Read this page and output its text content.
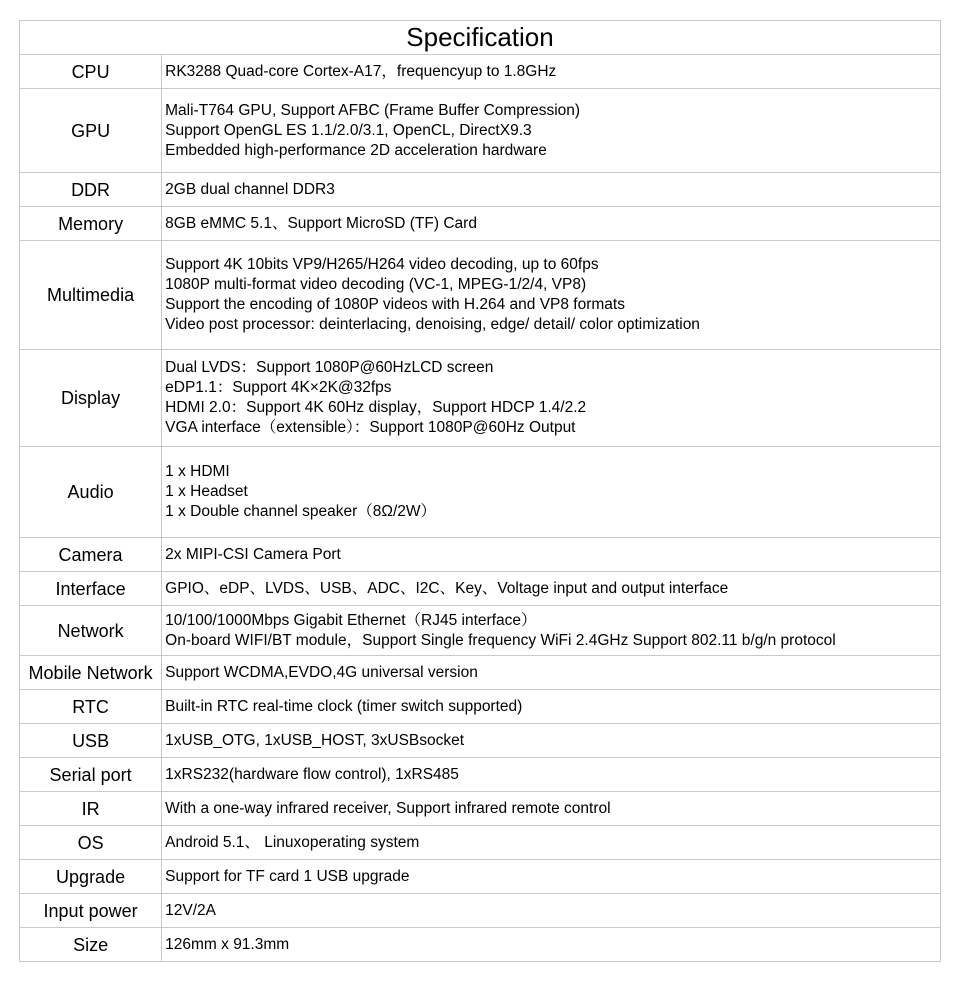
Specification	
CPU	RK3288 Quad-core Cortex-A17，frequencyup to 1.8GHz

GPU	Mali-T764 GPU, Support AFBC (Frame Buffer Compression)
Support OpenGL ES 1.1/2.0/3.1, OpenCL, DirectX9.3
Embedded high-performance 2D acceleration hardware

DDR	2GB dual channel DDR3

Memory	8GB eMMC 5.1、Support MicroSD (TF) Card

Multimedia	Support 4K 10bits VP9/H265/H264 video decoding, up to 60fps
1080P multi-format video decoding (VC-1, MPEG-1/2/4, VP8)
Support the encoding of 1080P videos with H.264 and VP8 formats
Video post processor: deinterlacing, denoising, edge/ detail/ color optimization

Display	Dual LVDS：Support 1080P@60HzLCD screen
eDP1.1：Support 4K×2K@32fps
HDMI 2.0：Support 4K 60Hz display，Support HDCP 1.4/2.2
VGA interface（extensible）：Support 1080P@60Hz Output

Audio	1 x HDMI
1 x Headset
1 x Double channel speaker（8Ω/2W）

Camera	2x MIPI-CSI Camera Port

Interface	GPIO、eDP、LVDS、USB、ADC、I2C、Key、Voltage input and output interface

Network	10/100/1000Mbps Gigabit Ethernet（RJ45 interface）
On-board WIFI/BT module，Support Single frequency WiFi 2.4GHz Support 802.11 b/g/n protocol

Mobile Network	Support WCDMA,EVDO,4G universal version

RTC	Built-in RTC real-time clock (timer switch supported)

USB	1xUSB_OTG, 1xUSB_HOST, 3xUSBsocket

Serial port	1xRS232(hardware flow control), 1xRS485

IR	With a one-way infrared receiver, Support infrared remote control

OS	Android 5.1、 Linuxoperating system

Upgrade	Support for TF card 1 USB upgrade

Input power	12V/2A

Size	126mm x 91.3mm
